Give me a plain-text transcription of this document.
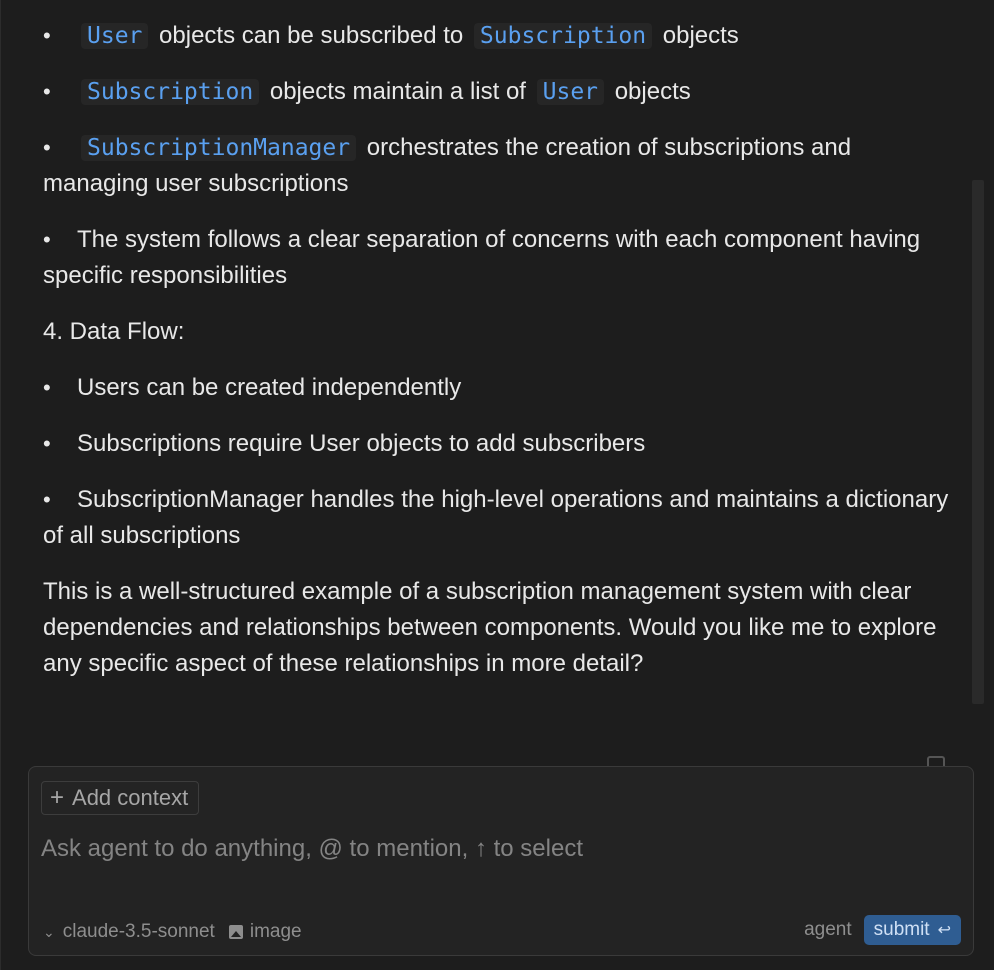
• User objects can be subscribed to Subscription objects
• Subscription objects maintain a list of User objects
• SubscriptionManager orchestrates the creation of subscriptions and managing user subscriptions
• The system follows a clear separation of concerns with each component having specific responsibilities
4. Data Flow:
• Users can be created independently
• Subscriptions require User objects to add subscribers
• SubscriptionManager handles the high-level operations and maintains a dictionary of all subscriptions
This is a well-structured example of a subscription management system with clear dependencies and relationships between components. Would you like me to explore any specific aspect of these relationships in more detail?
+ Add context
Ask agent to do anything, @ to mention, ↑ to select
⌄ claude-3.5-sonnet image	agent submit ↩
